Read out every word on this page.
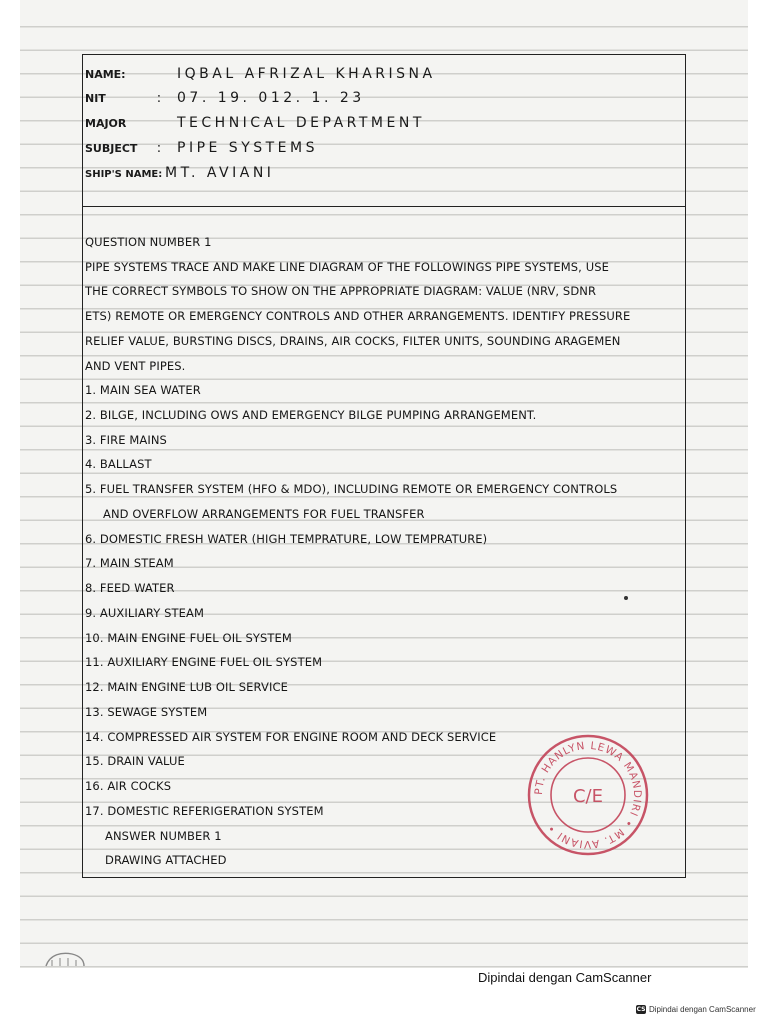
NAME:	IQBAL AFRIZAL KHARISNA
NIT	: 07. 19. 012. 1. 23
MAJOR	TECHNICAL DEPARTMENT
SUBJECT : PIPE SYSTEMS
SHIP'S NAME: MT. AVIANI
QUESTION NUMBER 1
PIPE SYSTEMS TRACE AND MAKE LINE DIAGRAM OF THE FOLLOWINGS PIPE SYSTEMS, USE
THE CORRECT SYMBOLS TO SHOW ON THE APPROPRIATE DIAGRAM: VALUE (NRV, SDNR
ETS) REMOTE OR EMERGENCY CONTROLS AND OTHER ARRANGEMENTS. IDENTIFY PRESSURE
RELIEF VALUE, BURSTING DISCS, DRAINS, AIR COCKS, FILTER UNITS, SOUNDING ARAGEMEN
AND VENT PIPES.
1. MAIN SEA WATER
2. BILGE, INCLUDING OWS AND EMERGENCY BILGE PUMPING ARRANGEMENT.
3. FIRE MAINS
4. BALLAST
5. FUEL TRANSFER SYSTEM (HFO & MDO), INCLUDING REMOTE OR EMERGENCY CONTROLS
AND OVERFLOW ARRANGEMENTS FOR FUEL TRANSFER
6. DOMESTIC FRESH WATER (HIGH TEMPRATURE, LOW TEMPRATURE)
7. MAIN STEAM
8. FEED WATER
9. AUXILIARY STEAM
10. MAIN ENGINE FUEL OIL SYSTEM
11. AUXILIARY ENGINE FUEL OIL SYSTEM
12. MAIN ENGINE LUB OIL SERVICE
13. SEWAGE SYSTEM
14. COMPRESSED AIR SYSTEM FOR ENGINE ROOM AND DECK SERVICE
15. DRAIN VALUE
16. AIR COCKS
17. DOMESTIC REFERIGERATION SYSTEM
ANSWER NUMBER 1
DRAWING ATTACHED
PT. HANLYN LEWA MANDIRI • MT. AVIANI •
C/E
Dipindai dengan CamScanner
CS Dipindai dengan CamScanner
